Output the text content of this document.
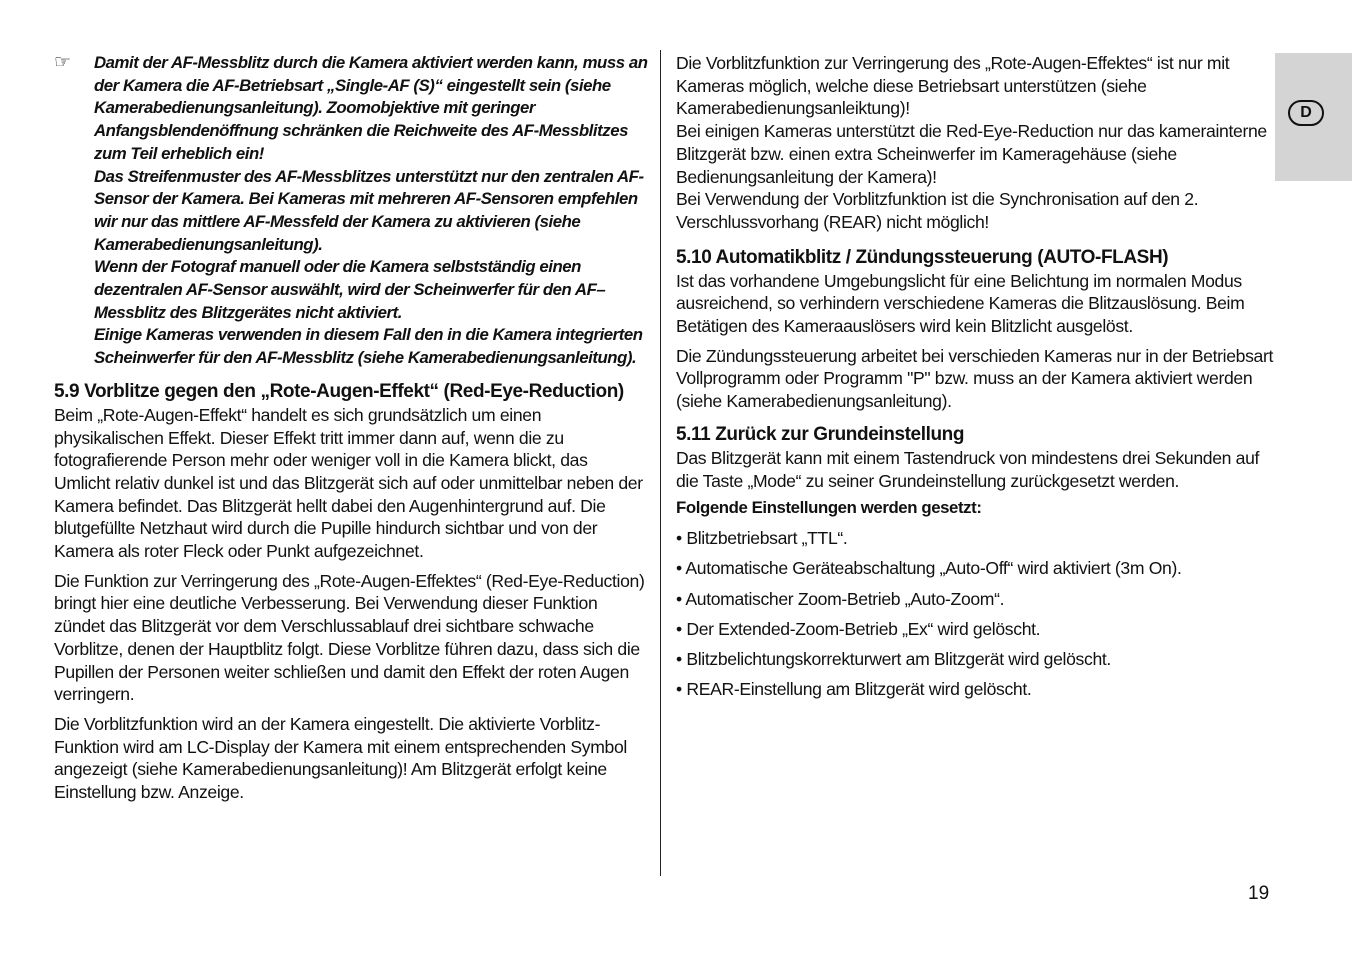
☞	Damit der AF-Messblitz durch die Kamera aktiviert werden kann, muss an der Kamera die AF-Betriebsart „Single-AF (S)“ eingestellt sein (siehe Kamerabedienungsanleitung). Zoomobjektive mit geringer Anfangsblendenöffnung schränken die Reichweite des AF-Messblitzes zum Teil erheblich ein!

Das Streifenmuster des AF-Messblitzes unterstützt nur den zentralen AF-Sensor der Kamera. Bei Kameras mit mehreren AF-Sensoren empfehlen wir nur das mittlere AF-Messfeld der Kamera zu aktivieren (siehe Kamerabedienungsanleitung).

Wenn der Fotograf manuell oder die Kamera selbstständig einen dezentralen AF-Sensor auswählt, wird der Scheinwerfer für den AF–Messblitz des Blitzgerätes nicht aktiviert.

Einige Kameras verwenden in diesem Fall den in die Kamera integrierten Scheinwerfer für den AF-Messblitz (siehe Kamerabedienungsanleitung).

5.9 Vorblitze gegen den „Rote-Augen-Effekt“ (Red-Eye-Reduction)

Beim „Rote-Augen-Effekt“ handelt es sich grundsätzlich um einen physikalischen Effekt. Dieser Effekt tritt immer dann auf, wenn die zu fotografierende Person mehr oder weniger voll in die Kamera blickt, das Umlicht relativ dunkel ist und das Blitzgerät sich auf oder unmittelbar neben der Kamera befindet. Das Blitzgerät hellt dabei den Augenhintergrund auf. Die blutgefüllte Netzhaut wird durch die Pupille hindurch sichtbar und von der Kamera als roter Fleck oder Punkt aufgezeichnet.

Die Funktion zur Verringerung des „Rote-Augen-Effektes“ (Red-Eye-Reduction) bringt hier eine deutliche Verbesserung. Bei Verwendung dieser Funktion zündet das Blitzgerät vor dem Verschlussablauf drei sichtbare schwache Vorblitze, denen der Hauptblitz folgt. Diese Vorblitze führen dazu, dass sich die Pupillen der Personen weiter schließen und damit den Effekt der roten Augen verringern.

Die Vorblitzfunktion wird an der Kamera eingestellt. Die aktivierte Vorblitz-Funktion wird am LC-Display der Kamera mit einem entsprechenden Symbol angezeigt (siehe Kamerabedienungsanleitung)! Am Blitzgerät erfolgt keine Einstellung bzw. Anzeige.

Die Vorblitzfunktion zur Verringerung des „Rote-Augen-Effektes“ ist nur mit Kameras möglich, welche diese Betriebsart unterstützen (siehe Kamerabedienungsanleiktung)!

Bei einigen Kameras unterstützt die Red-Eye-Reduction nur das kamerainterne Blitzgerät bzw. einen extra Scheinwerfer im Kameragehäuse (siehe Bedienungsanleitung der Kamera)!

Bei Verwendung der Vorblitzfunktion ist die Synchronisation auf den 2. Verschlussvorhang (REAR) nicht möglich!

5.10 Automatikblitz / Zündungssteuerung (AUTO-FLASH)

Ist das vorhandene Umgebungslicht für eine Belichtung im normalen Modus ausreichend, so verhindern verschiedene Kameras die Blitzauslösung. Beim Betätigen des Kameraauslösers wird kein Blitzlicht ausgelöst.

Die Zündungssteuerung arbeitet bei verschieden Kameras nur in der Betriebsart Vollprogramm oder Programm "P" bzw. muss an der Kamera aktiviert werden (siehe Kamerabedienungsanleitung).

5.11 Zurück zur Grundeinstellung

Das Blitzgerät kann mit einem Tastendruck von mindestens drei Sekunden auf die Taste „Mode“ zu seiner Grundeinstellung zurückgesetzt werden.

Folgende Einstellungen werden gesetzt:

• Blitzbetriebsart „TTL“.
• Automatische Geräteabschaltung „Auto-Off“ wird aktiviert (3m On).
• Automatischer Zoom-Betrieb „Auto-Zoom“.
• Der Extended-Zoom-Betrieb „Ex“ wird gelöscht.
• Blitzbelichtungskorrekturwert am Blitzgerät wird gelöscht.
• REAR-Einstellung am Blitzgerät wird gelöscht.
D
19
